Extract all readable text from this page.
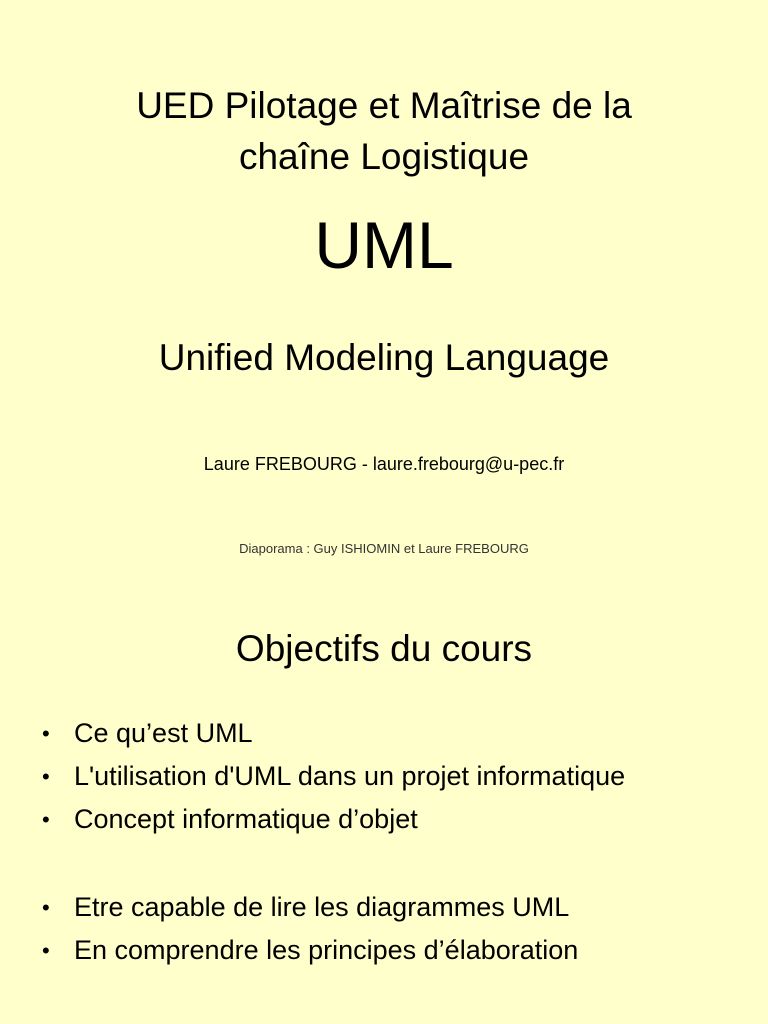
UED Pilotage et Maîtrise de la
chaîne Logistique
UML
Unified Modeling Language
Laure FREBOURG - laure.frebourg@u-pec.fr
Diaporama : Guy ISHIOMIN et Laure FREBOURG
Objectifs du cours
• Ce qu’est UML
• L'utilisation d'UML dans un projet informatique
• Concept informatique d’objet
• Etre capable de lire les diagrammes UML
• En comprendre les principes d’élaboration
